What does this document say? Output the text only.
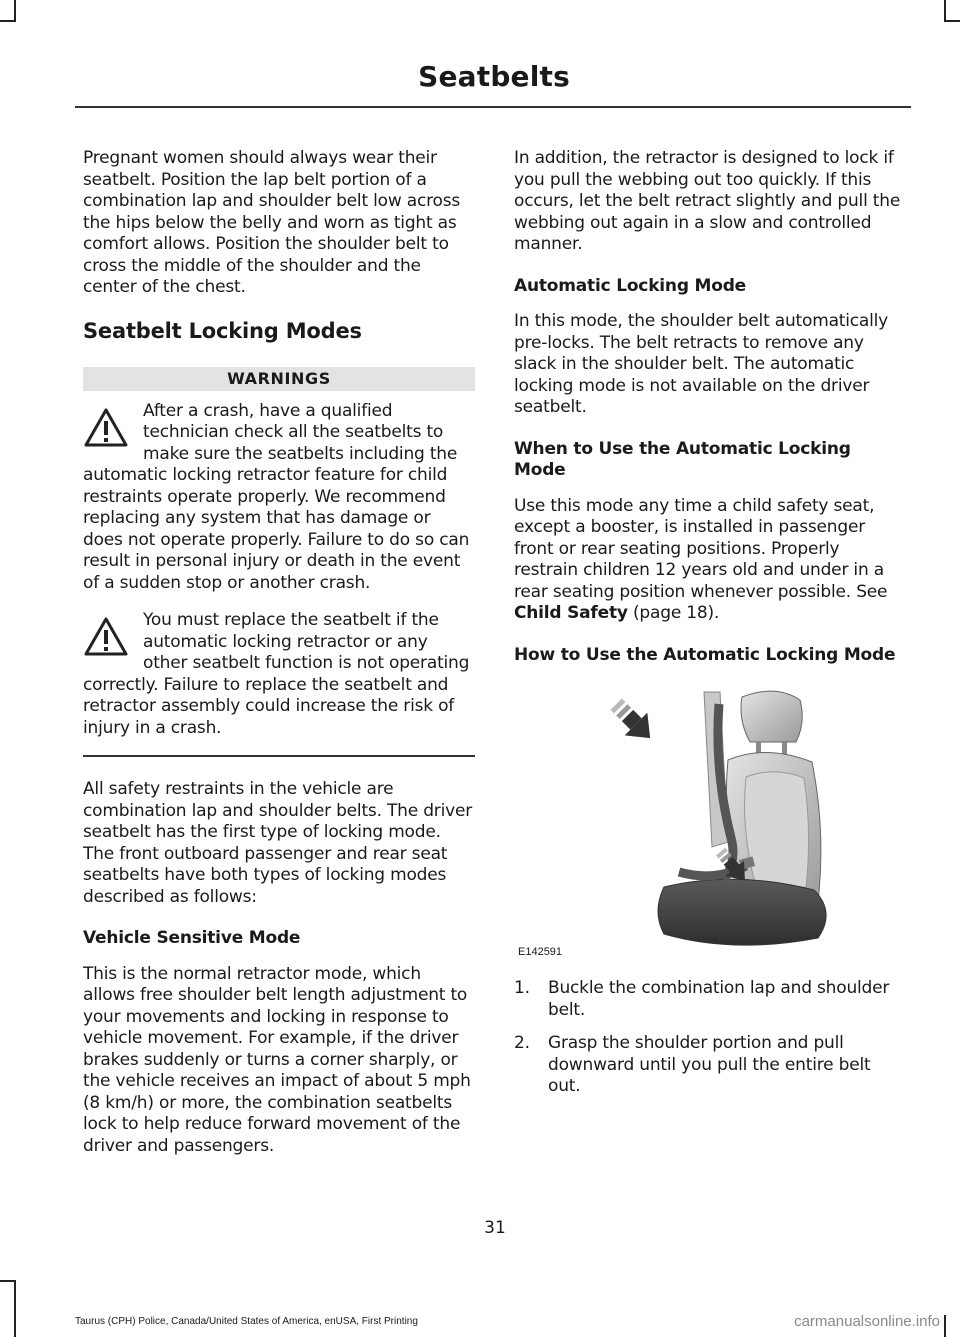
Seatbelts

Pregnant women should always wear their seatbelt. Position the lap belt portion of a combination lap and shoulder belt low across the hips below the belly and worn as tight as comfort allows. Position the shoulder belt to cross the middle of the shoulder and the center of the chest.

Seatbelt Locking Modes
WARNINGS
After a crash, have a qualified technician check all the seatbelts to make sure the seatbelts including the automatic locking retractor feature for child restraints operate properly. We recommend replacing any system that has damage or does not operate properly. Failure to do so can result in personal injury or death in the event of a sudden stop or another crash.
You must replace the seatbelt if the automatic locking retractor or any other seatbelt function is not operating correctly. Failure to replace the seatbelt and retractor assembly could increase the risk of injury in a crash.

All safety restraints in the vehicle are combination lap and shoulder belts. The driver seatbelt has the first type of locking mode. The front outboard passenger and rear seat seatbelts have both types of locking modes described as follows:

Vehicle Sensitive Mode

This is the normal retractor mode, which allows free shoulder belt length adjustment to your movements and locking in response to vehicle movement. For example, if the driver brakes suddenly or turns a corner sharply, or the vehicle receives an impact of about 5 mph (8 km/h) or more, the combination seatbelts lock to help reduce forward movement of the driver and passengers.

In addition, the retractor is designed to lock if you pull the webbing out too quickly. If this occurs, let the belt retract slightly and pull the webbing out again in a slow and controlled manner.

Automatic Locking Mode

In this mode, the shoulder belt automatically pre-locks. The belt retracts to remove any slack in the shoulder belt. The automatic locking mode is not available on the driver seatbelt.

When to Use the Automatic Locking Mode

Use this mode any time a child safety seat, except a booster, is installed in passenger front or rear seating positions. Properly restrain children 12 years old and under in a rear seating position whenever possible. See Child Safety (page 18).

How to Use the Automatic Locking Mode
E142591
1. Buckle the combination lap and shoulder belt.
2. Grasp the shoulder portion and pull downward until you pull the entire belt out.
31
Taurus (CPH) Police, Canada/United States of America, enUSA, First Printing	carmanualsonline.info
